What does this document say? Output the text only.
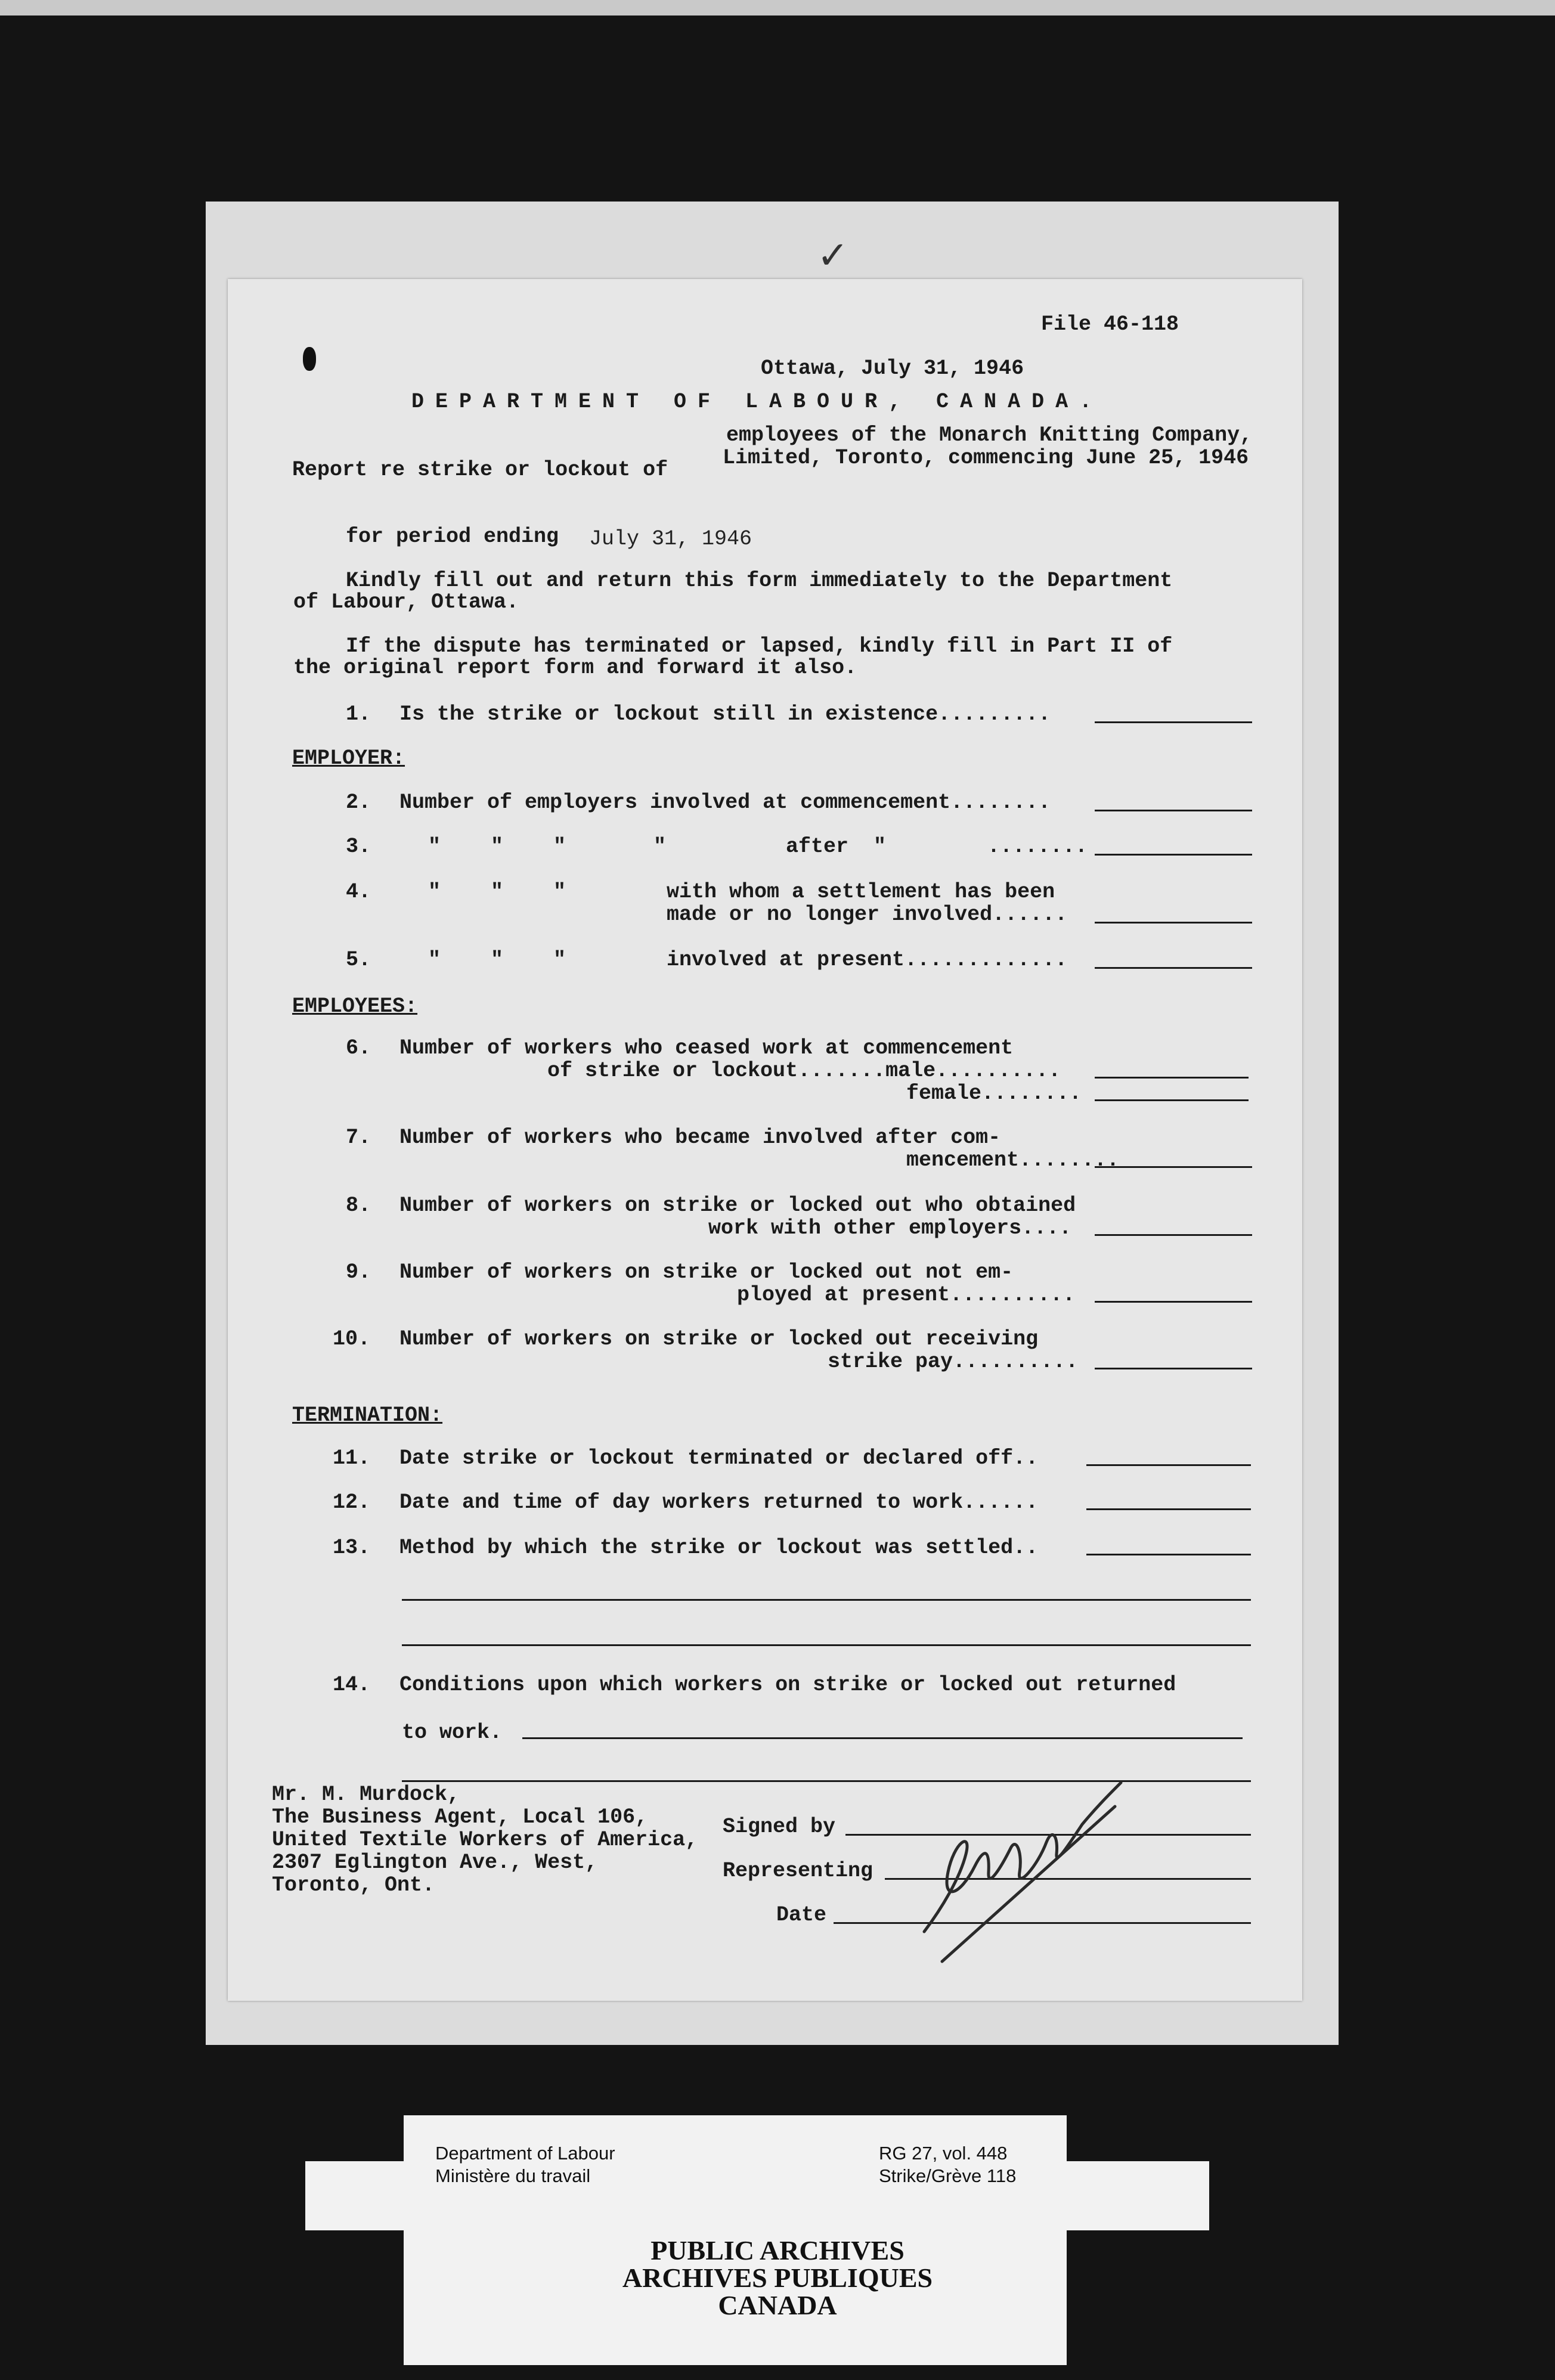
✓
File 46-118
Ottawa, July 31, 1946
DEPARTMENT OF LABOUR, CANADA.
employees of the Monarch Knitting Company,
Report re strike or lockout of	Limited, Toronto, commencing June 25, 1946
for period ending July 31, 1946
Kindly fill out and return this form immediately to the Department
of Labour, Ottawa.
If the dispute has terminated or lapsed, kindly fill in Part II of
the original report form and forward it also.
1. Is the strike or lockout still in existence.........
EMPLOYER:
2. Number of employers involved at commencement........
3.	"    "    "       "	after  "	........
4.	"    "    "	with whom a settlement has been
made or no longer involved......
5.	"    "    "	involved at present.............
EMPLOYEES:
6. Number of workers who ceased work at commencement
of strike or lockout.......male..........
female........
7. Number of workers who became involved after com-
mencement........
8. Number of workers on strike or locked out who obtained
work with other employers....
9. Number of workers on strike or locked out not em-
ployed at present..........
10. Number of workers on strike or locked out receiving
strike pay..........
TERMINATION:
11. Date strike or lockout terminated or declared off..
12. Date and time of day workers returned to work......
13. Method by which the strike or lockout was settled..
14. Conditions upon which workers on strike or locked out returned
to work.
Mr. M. Murdock,
The Business Agent, Local 106,
United Textile Workers of America,
2307 Eglington Ave., West,
Toronto, Ont.
Signed by
Representing
Date
over
Department of Labour
Ministère du travail
RG 27, vol. 448
Strike/Grève 118
PUBLIC ARCHIVES
ARCHIVES PUBLIQUES
CANADA
